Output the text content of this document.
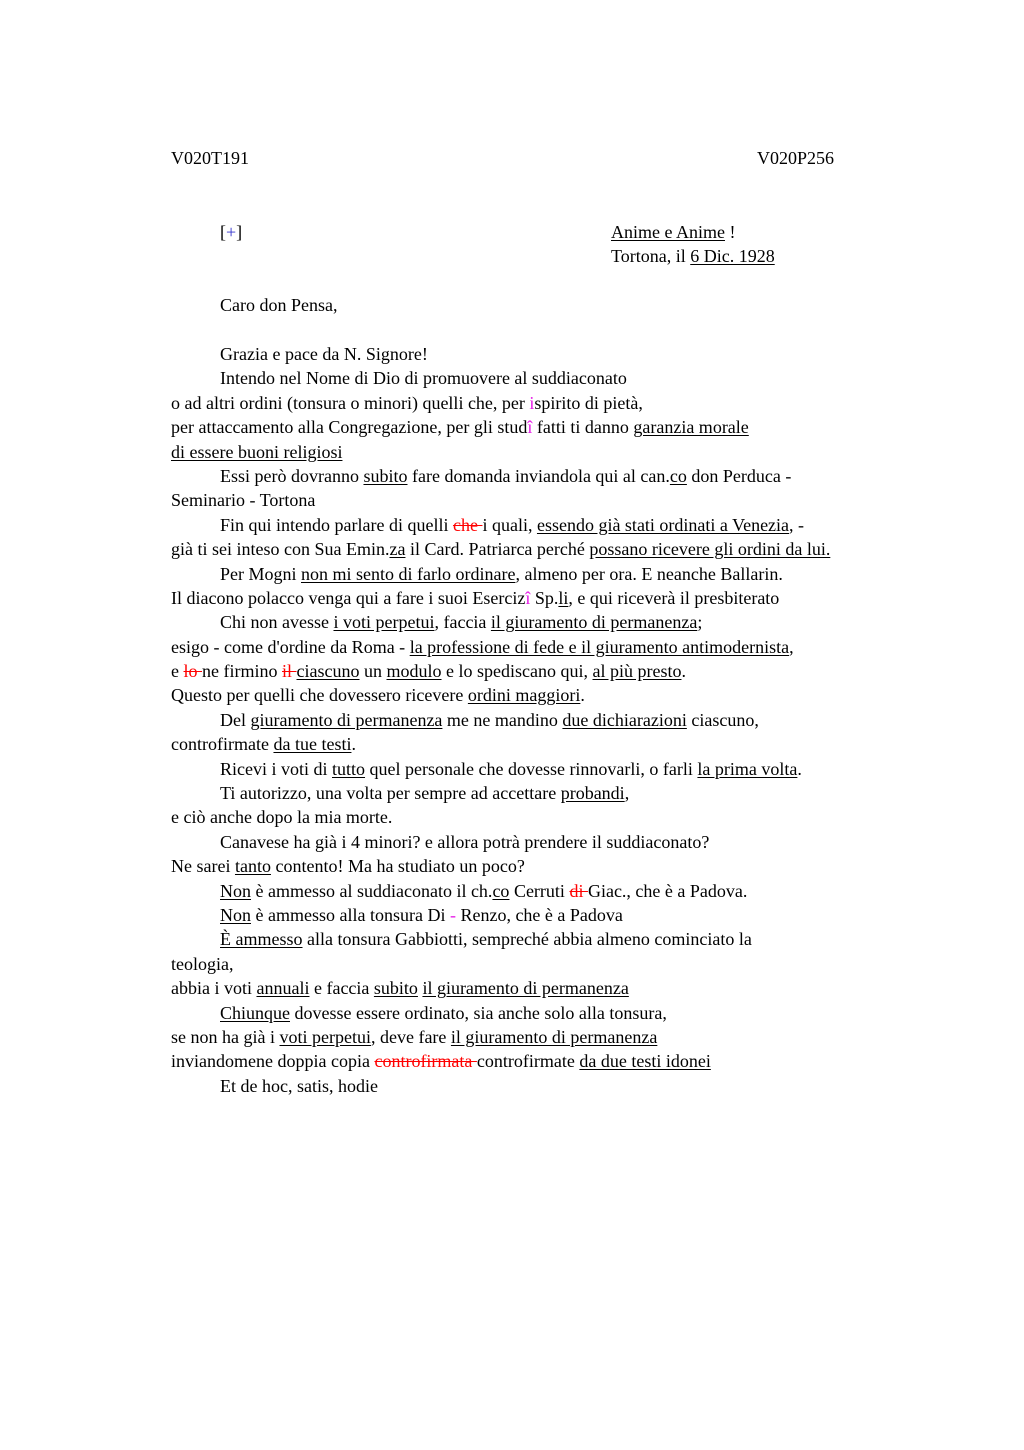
V020T191	V020P256
[+]	Anime e Anime !
Tortona, il 6 Dic. 1928
Caro don Pensa,
Grazia e pace da N. Signore!
Intendo nel Nome di Dio di promuovere al suddiaconato
o ad altri ordini (tonsura o minori) quelli che, per ispirito di pietà,
per attaccamento alla Congregazione, per gli studî fatti ti danno garanzia morale
di essere buoni religiosi
Essi però dovranno subito fare domanda inviandola qui al can.co don Perduca -
Seminario - Tortona
Fin qui intendo parlare di quelli che i quali, essendo già stati ordinati a Venezia, -
già ti sei inteso con Sua Emin.za il Card. Patriarca perché possano ricevere gli ordini da lui.
Per Mogni non mi sento di farlo ordinare, almeno per ora. E neanche Ballarin.
Il diacono polacco venga qui a fare i suoi Esercizî Sp.li, e qui riceverà il presbiterato
Chi non avesse i voti perpetui, faccia il giuramento di permanenza;
esigo - come d'ordine da Roma - la professione di fede e il giuramento antimodernista,
e lo ne firmino il ciascuno un modulo e lo spediscano qui, al più presto.
Questo per quelli che dovessero ricevere ordini maggiori.
Del giuramento di permanenza me ne mandino due dichiarazioni ciascuno,
controfirmate da tue testi.
Ricevi i voti di tutto quel personale che dovesse rinnovarli, o farli la prima volta.
Ti autorizzo, una volta per sempre ad accettare probandi,
e ciò anche dopo la mia morte.
Canavese ha già i 4 minori? e allora potrà prendere il suddiaconato?
Ne sarei tanto contento! Ma ha studiato un poco?
Non è ammesso al suddiaconato il ch.co Cerruti di Giac., che è a Padova.
Non è ammesso alla tonsura Di - Renzo, che è a Padova
È ammesso alla tonsura Gabbiotti, sempreché abbia almeno cominciato la
teologia,
abbia i voti annuali e faccia subito il giuramento di permanenza
Chiunque dovesse essere ordinato, sia anche solo alla tonsura,
se non ha già i voti perpetui, deve fare il giuramento di permanenza
inviandomene doppia copia controfirmata controfirmate da due testi idonei
Et de hoc, satis, hodie
